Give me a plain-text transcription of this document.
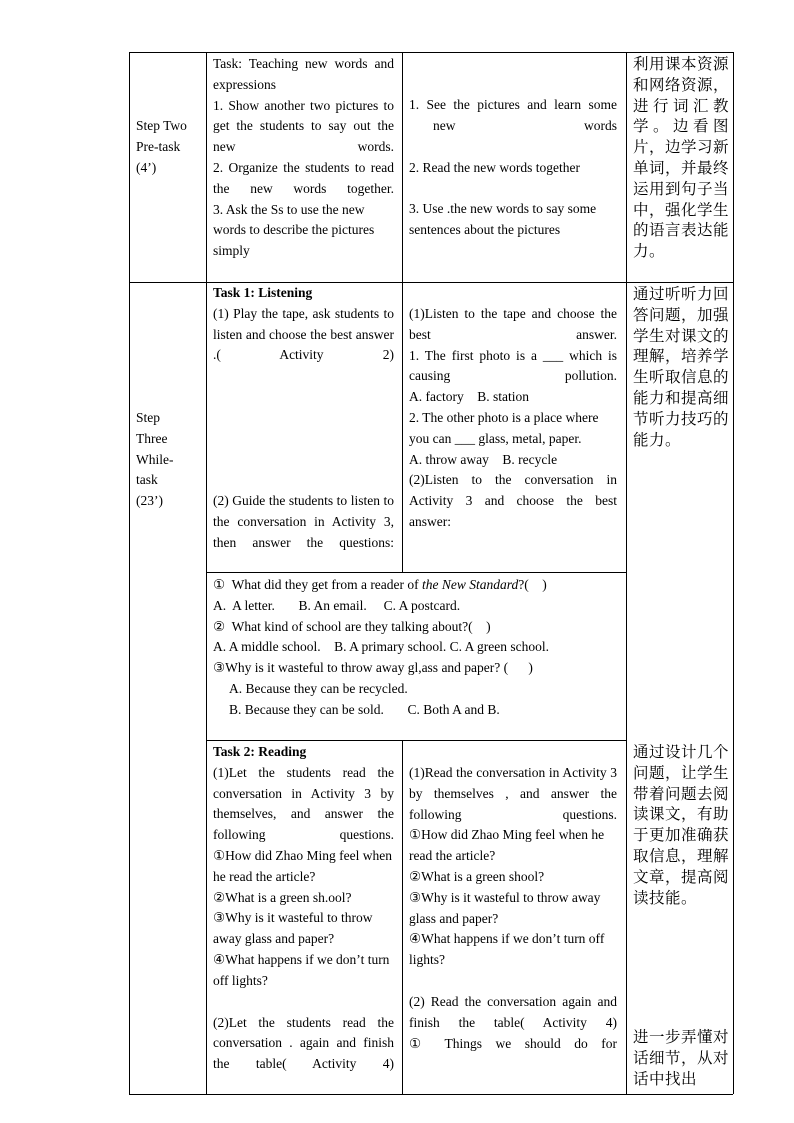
Step Two
Pre-task
(4’)
Task: Teaching new words and expressions
1. Show another two pictures to get the students to say out the new words.
2. Organize the students to read the new words together.
3. Ask the Ss to use the new words to describe the pictures simply
1. See the pictures and learn some new words
2. Read the new words together
3. Use .the new words to say some sentences about the pictures
利用课本资源和网络资源，进行词汇教学。边看图片，边学习新单词，并最终运用到句子当中，强化学生的语言表达能力。
Step
Three
While-
task
(23’)
Task 1: Listening
(1) Play the tape, ask students to listen and choose the best answer .( Activity 2)
(2) Guide the students to listen to the conversation in Activity 3, then answer the questions:
(1)Listen to the tape and choose the best answer.
1. The first photo is a ___ which is causing pollution.
A. factory    B. station
2. The other photo is a place where you can ___ glass, metal, paper.
A. throw away    B. recycle
(2)Listen to the conversation in Activity 3 and choose the best answer:
①  What did they get from a reader of the New Standard?(    )
A.  A letter.       B. An email.     C. A postcard.
②  What kind of school are they talking about?(    )
A. A middle school.    B. A primary school. C. A green school.
③Why is it wasteful to throw away gl,ass and paper? (      )
A. Because they can be recycled.
B. Because they can be sold.       C. Both A and B.
通过听听力回答问题，加强学生对课文的理解，培养学生听取信息的能力和提高细节听力技巧的能力。
Task 2: Reading
(1)Let the students read the conversation in Activity 3 by themselves, and answer the following questions.
①How did Zhao Ming feel when he read the article?
②What is a green sh.ool?
③Why is it wasteful to throw away glass and paper?
④What happens if we don’t turn off lights?
(2)Let the students read the conversation . again and finish the table( Activity 4)
(1)Read the conversation in Activity 3 by themselves , and answer the following questions.
①How did Zhao Ming feel when he read the article?
②What is a green shool?
③Why is it wasteful to throw away glass and paper?
④What happens if we don’t turn off lights?
(2) Read the conversation again and finish the table( Activity 4)
① Things we should do for
通过设计几个问题，让学生带着问题去阅读课文，有助于更加准确获取信息，理解文章，提高阅读技能。
进一步弄懂对话细节，从对话中找出
